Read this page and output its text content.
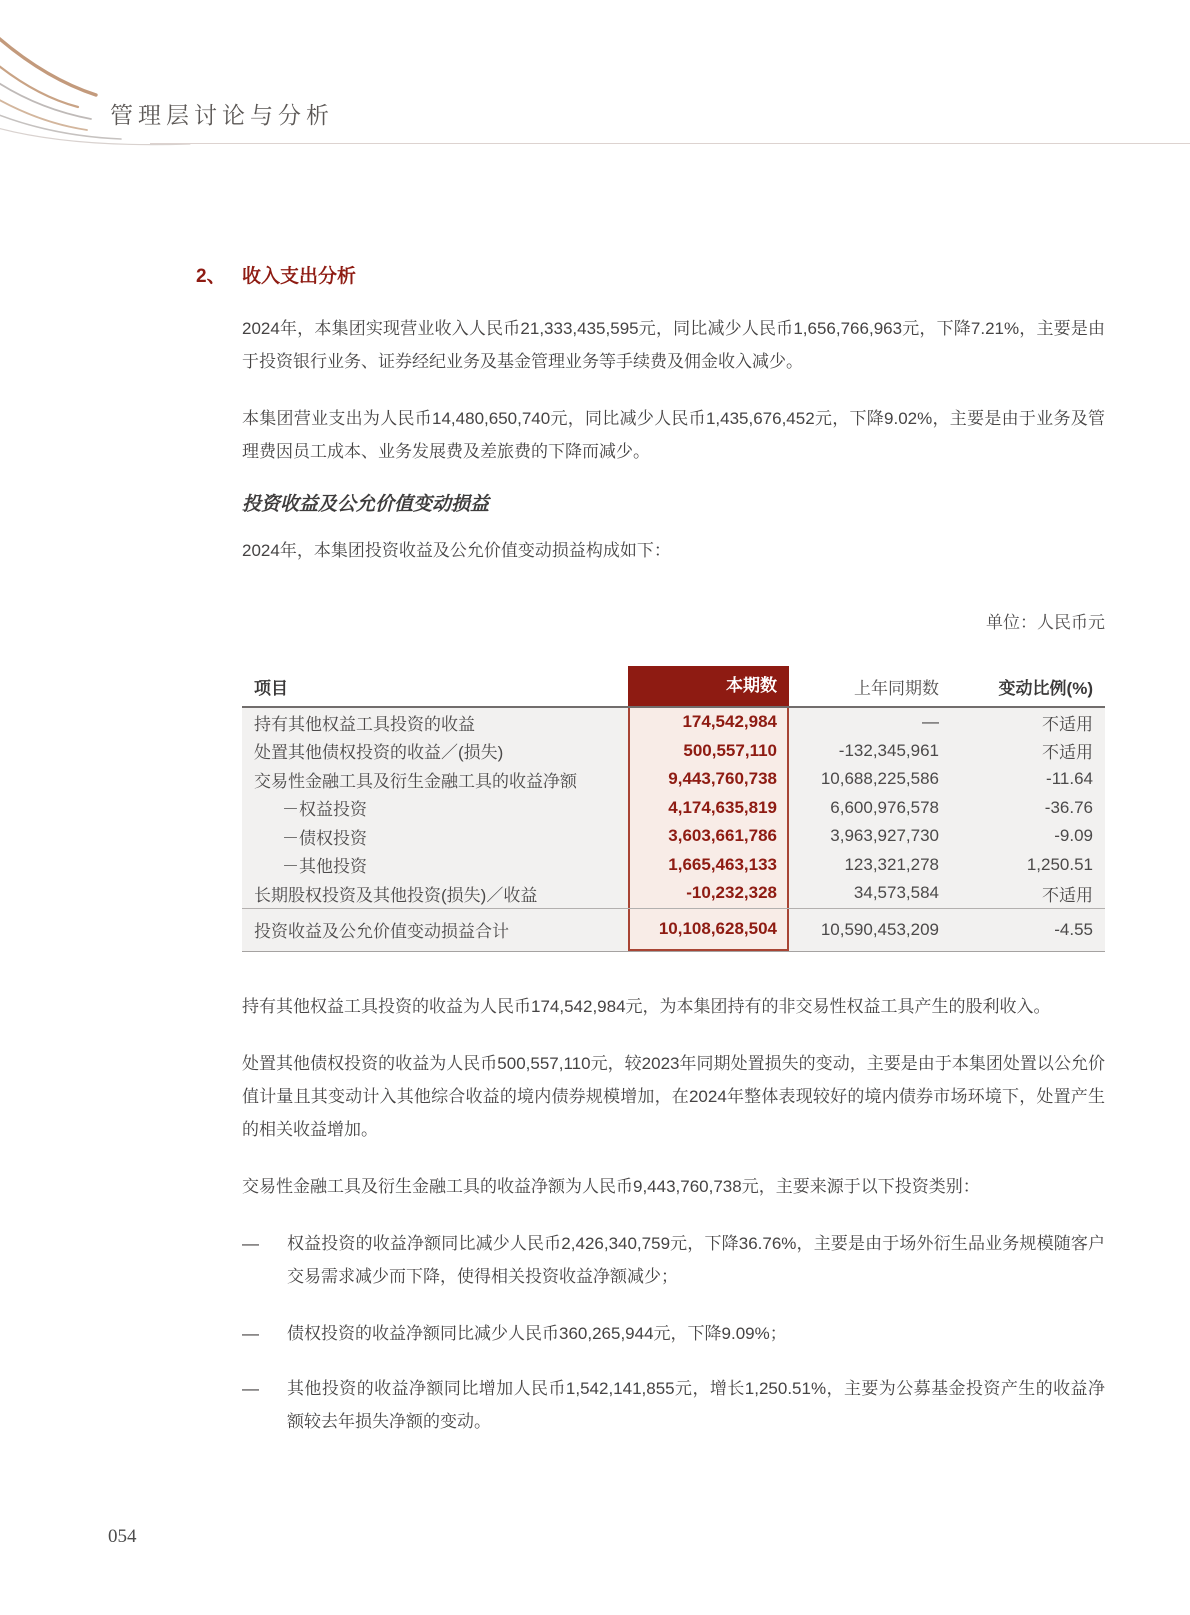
管理层讨论与分析
2、 收入支出分析

2024年，本集团实现营业收入人民币21,333,435,595元，同比减少人民币1,656,766,963元，下降7.21%，主要是由于投资银行业务、证券经纪业务及基金管理业务等手续费及佣金收入减少。

本集团营业支出为人民币14,480,650,740元，同比减少人民币1,435,676,452元，下降9.02%，主要是由于业务及管理费因员工成本、业务发展费及差旅费的下降而减少。

投资收益及公允价值变动损益

2024年，本集团投资收益及公允价值变动损益构成如下：

单位：人民币元
项目	本期数	上年同期数	变动比例(%)
持有其他权益工具投资的收益	174,542,984	—	不适用
处置其他债权投资的收益／(损失)	500,557,110	-132,345,961	不适用
交易性金融工具及衍生金融工具的收益净额	9,443,760,738	10,688,225,586	-11.64
－权益投资	4,174,635,819	6,600,976,578	-36.76
－债权投资	3,603,661,786	3,963,927,730	-9.09
－其他投资	1,665,463,133	123,321,278	1,250.51
长期股权投资及其他投资(损失)／收益	-10,232,328	34,573,584	不适用
投资收益及公允价值变动损益合计	10,108,628,504	10,590,453,209	-4.55

持有其他权益工具投资的收益为人民币174,542,984元，为本集团持有的非交易性权益工具产生的股利收入。

处置其他债权投资的收益为人民币500,557,110元，较2023年同期处置损失的变动，主要是由于本集团处置以公允价值计量且其变动计入其他综合收益的境内债券规模增加，在2024年整体表现较好的境内债券市场环境下，处置产生的相关收益增加。

交易性金融工具及衍生金融工具的收益净额为人民币9,443,760,738元，主要来源于以下投资类别：

—	权益投资的收益净额同比减少人民币2,426,340,759元，下降36.76%，主要是由于场外衍生品业务规模随客户交易需求减少而下降，使得相关投资收益净额减少；
—	债权投资的收益净额同比减少人民币360,265,944元，下降9.09%；
—	其他投资的收益净额同比增加人民币1,542,141,855元，增长1,250.51%，主要为公募基金投资产生的收益净额较去年损失净额的变动。
054
